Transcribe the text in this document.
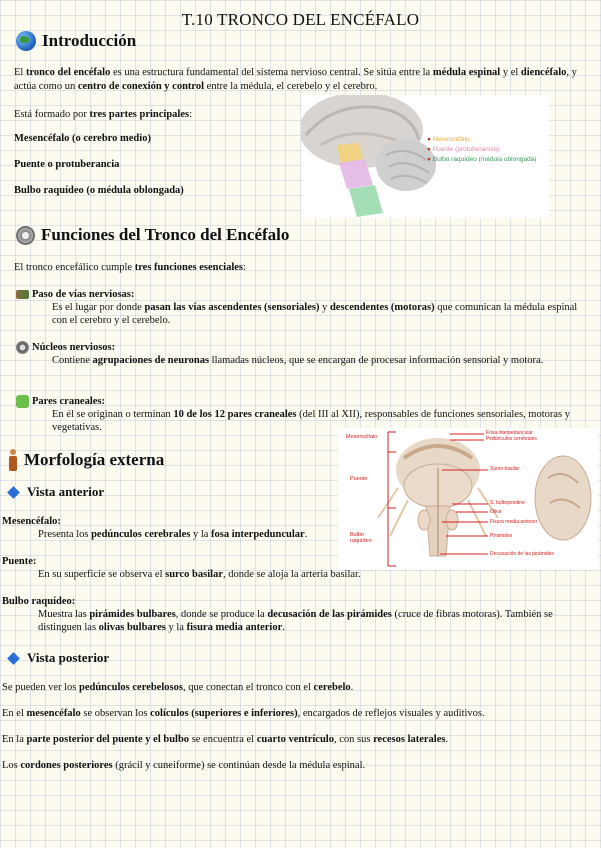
T.10 TRONCO DEL ENCÉFALO
Introducción
El tronco del encéfalo es una estructura fundamental del sistema nervioso central. Se sitúa entre la médula espinal y el diencéfalo, y actúa como un centro de conexión y control entre la médula, el cerebelo y el cerebro.
Está formado por tres partes principales:
Mesencéfalo (o cerebro medio)
Puente o protuberancia
Bulbo raquídeo (o médula oblongada)
● Mesencéfalo
● Puente (protuberancia)
● Bulbo raquídeo (médula oblongada)
Funciones del Tronco del Encéfalo
El tronco encefálico cumple tres funciones esenciales:
Paso de vías nerviosas:
Es el lugar por donde pasan las vías ascendentes (sensoriales) y descendentes (motoras) que comunican la médula espinal con el cerebro y el cerebelo.
Núcleos nerviosos:
Contiene agrupaciones de neuronas llamadas núcleos, que se encargan de procesar información sensorial y motora.
Pares craneales:
En él se originan o terminan 10 de los 12 pares craneales (del III al XII), responsables de funciones sensoriales, motoras y vegetativas.
Morfología externa
Mesencéfalo
Puente
Bulbo raquídeo
Fosa interpeduncular
Pedúnculos cerebrales
Surco basilar
S. bulbopontino
Oliva
Fisura media anterior
Pirámides
Decusación de las pirámides
Vista anterior
Mesencéfalo:
Presenta los pedúnculos cerebrales y la fosa interpeduncular.
Puente:
En su superficie se observa el surco basilar, donde se aloja la arteria basilar.
Bulbo raquídeo:
Muestra las pirámides bulbares, donde se produce la decusación de las pirámides (cruce de fibras motoras). También se distinguen las olivas bulbares y la fisura media anterior.
Vista posterior
Se pueden ver los pedúnculos cerebelosos, que conectan el tronco con el cerebelo.
En el mesencéfalo se observan los colículos (superiores e inferiores), encargados de reflejos visuales y auditivos.
En la parte posterior del puente y el bulbo se encuentra el cuarto ventrículo, con sus recesos laterales.
Los cordones posteriores (grácil y cuneiforme) se continúan desde la médula espinal.
